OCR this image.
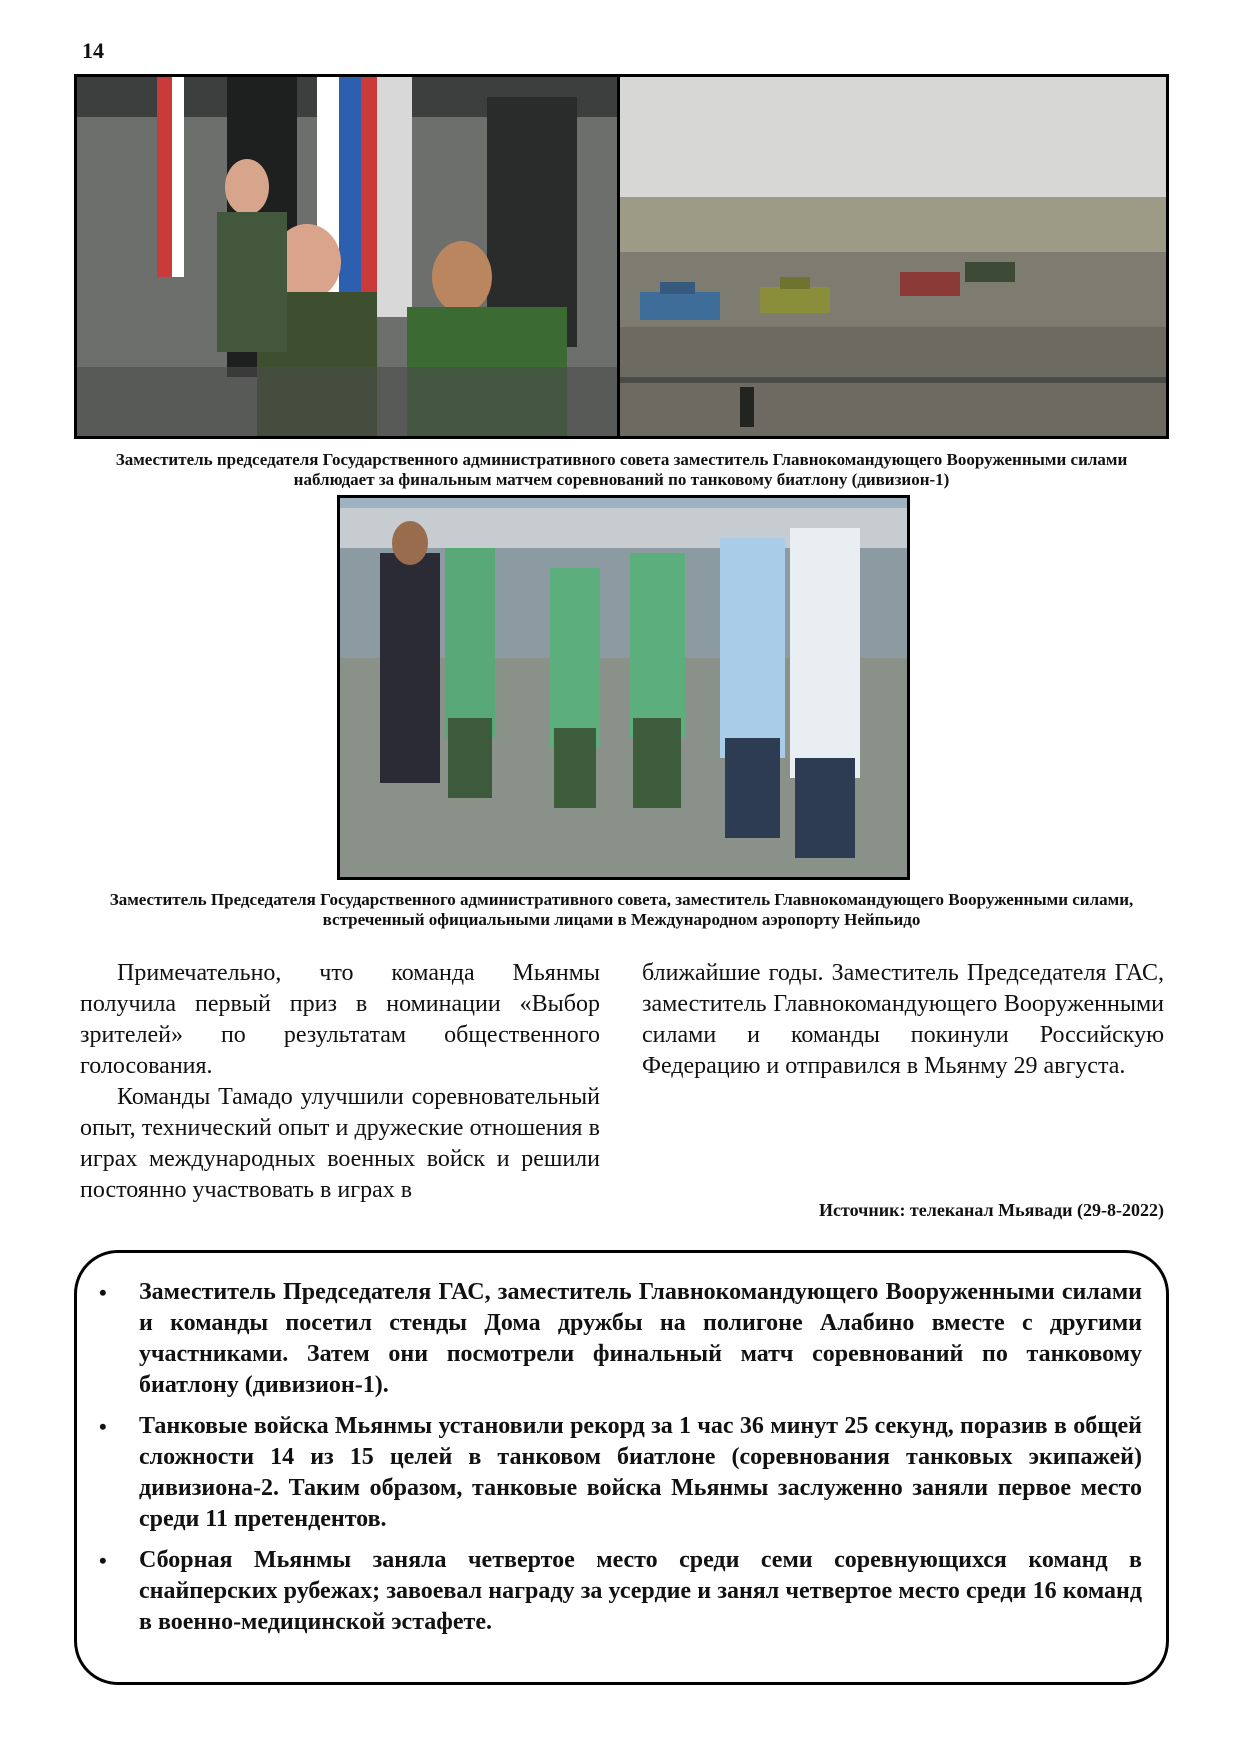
14
Заместитель председателя Государственного административного совета заместитель Главнокомандующего Вооруженными силами наблюдает за финальным матчем соревнований по танковому биатлону (дивизион-1)
Заместитель Председателя Государственного административного совета, заместитель Главнокомандующего Вооруженными силами, встреченный официальными лицами в Международном аэропорту Нейпьидо

Примечательно, что команда Мьянмы получила первый приз в номинации «Выбор зрителей» по результатам общественного голосования.

Команды Тамадо улучшили соревновательный опыт, технический опыт и дружеские отношения в играх международных военных войск и решили постоянно участвовать в играх в

ближайшие годы. Заместитель Председателя ГАС, заместитель Главнокомандующего Вооруженными силами и команды покинули Российскую Федерацию и отправился в Мьянму 29 августа.

Источник: телеканал Мьявади (29-8-2022)
• Заместитель Председателя ГАС, заместитель Главнокомандующего Вооруженными силами и команды посетил стенды Дома дружбы на полигоне Алабино вместе с другими участниками. Затем они посмотрели финальный матч соревнований по танковому биатлону (дивизион-1).
• Танковые войска Мьянмы установили рекорд за 1 час 36 минут 25 секунд, поразив в общей сложности 14 из 15 целей в танковом биатлоне (соревнования танковых экипажей) дивизиона-2. Таким образом, танковые войска Мьянмы заслуженно заняли первое место среди 11 претендентов.
• Сборная Мьянмы заняла четвертое место среди семи соревнующихся команд в снайперских рубежах; завоевал награду за усердие и занял четвертое место среди 16 команд в военно-медицинской эстафете.
